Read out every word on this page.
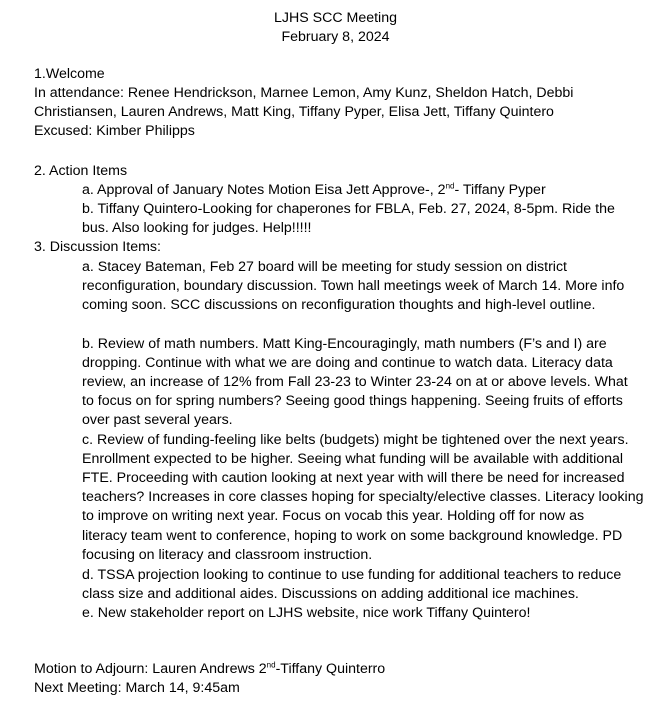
LJHS SCC Meeting
February 8, 2024
1.Welcome
In attendance: Renee Hendrickson, Marnee Lemon, Amy Kunz, Sheldon Hatch, Debbi
Christiansen, Lauren Andrews, Matt King, Tiffany Pyper, Elisa Jett, Tiffany Quintero
Excused: Kimber Philipps
2. Action Items
a. Approval of January Notes Motion Eisa Jett Approve-, 2nd- Tiffany Pyper
b. Tiffany Quintero-Looking for chaperones for FBLA, Feb. 27, 2024, 8-5pm. Ride the
bus. Also looking for judges. Help!!!!!
3. Discussion Items:
a. Stacey Bateman, Feb 27 board will be meeting for study session on district
reconfiguration, boundary discussion. Town hall meetings week of March 14. More info
coming soon. SCC discussions on reconfiguration thoughts and high-level outline.
b. Review of math numbers. Matt King-Encouragingly, math numbers (F’s and I) are
dropping. Continue with what we are doing and continue to watch data. Literacy data
review, an increase of 12% from Fall 23-23 to Winter 23-24 on at or above levels. What
to focus on for spring numbers? Seeing good things happening. Seeing fruits of efforts
over past several years.
c. Review of funding-feeling like belts (budgets) might be tightened over the next years.
Enrollment expected to be higher. Seeing what funding will be available with additional
FTE. Proceeding with caution looking at next year with will there be need for increased
teachers? Increases in core classes hoping for specialty/elective classes. Literacy looking
to improve on writing next year. Focus on vocab this year. Holding off for now as
literacy team went to conference, hoping to work on some background knowledge. PD
focusing on literacy and classroom instruction.
d. TSSA projection looking to continue to use funding for additional teachers to reduce
class size and additional aides. Discussions on adding additional ice machines.
e. New stakeholder report on LJHS website, nice work Tiffany Quintero!
Motion to Adjourn: Lauren Andrews 2nd-Tiffany Quinterro
Next Meeting: March 14, 9:45am
